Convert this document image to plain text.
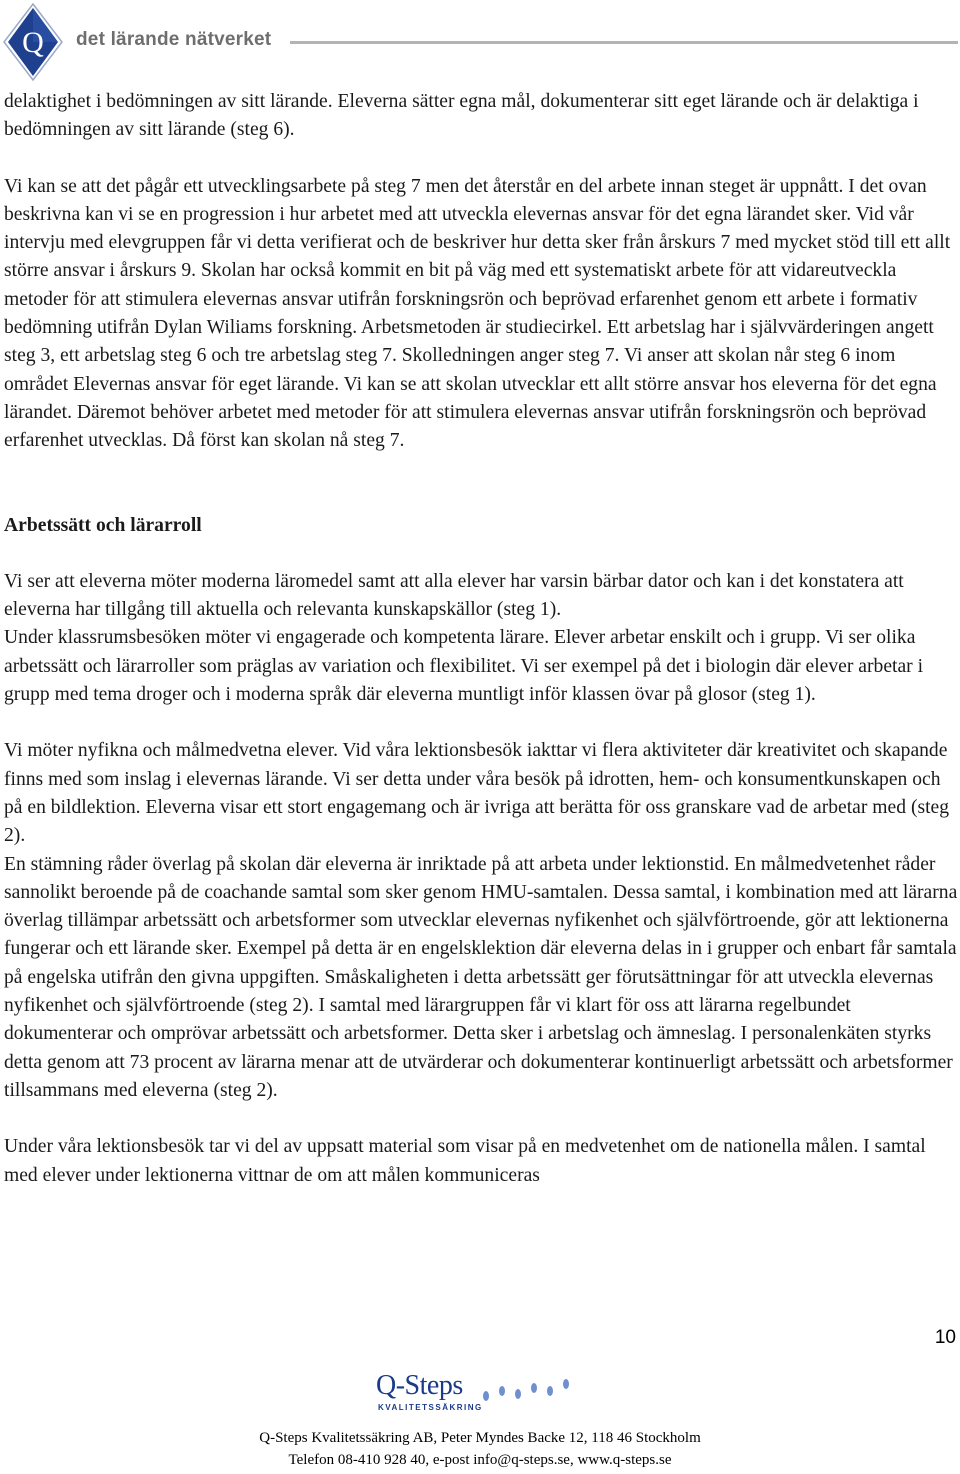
Q det lärande nätverket

delaktighet i bedömningen av sitt lärande. Eleverna sätter egna mål, dokumenterar sitt eget lärande och är delaktiga i bedömningen av sitt lärande (steg 6).

Vi kan se att det pågår ett utvecklingsarbete på steg 7 men det återstår en del arbete innan steget är uppnått. I det ovan beskrivna kan vi se en progression i hur arbetet med att utveckla elevernas ansvar för det egna lärandet sker. Vid vår intervju med elevgruppen får vi detta verifierat och de beskriver hur detta sker från årskurs 7 med mycket stöd till ett allt större ansvar i årskurs 9. Skolan har också kommit en bit på väg med ett systematiskt arbete för att vidareutveckla metoder för att stimulera elevernas ansvar utifrån forskningsrön och beprövad erfarenhet genom ett arbete i formativ bedömning utifrån Dylan Wiliams forskning. Arbetsmetoden är studiecirkel. Ett arbetslag har i självvärderingen angett steg 3, ett arbetslag steg 6 och tre arbetslag steg 7. Skolledningen anger steg 7. Vi anser att skolan når steg 6 inom området Elevernas ansvar för eget lärande. Vi kan se att skolan utvecklar ett allt större ansvar hos eleverna för det egna lärandet. Däremot behöver arbetet med metoder för att stimulera elevernas ansvar utifrån forskningsrön och beprövad erfarenhet utvecklas. Då först kan skolan nå steg 7.

Arbetssätt och lärarroll

Vi ser att eleverna möter moderna läromedel samt att alla elever har varsin bärbar dator och kan i det konstatera att eleverna har tillgång till aktuella och relevanta kunskapskällor (steg 1).

Under klassrumsbesöken möter vi engagerade och kompetenta lärare. Elever arbetar enskilt och i grupp. Vi ser olika arbetssätt och lärarroller som präglas av variation och flexibilitet. Vi ser exempel på det i biologin där elever arbetar i grupp med tema droger och i moderna språk där eleverna muntligt inför klassen övar på glosor (steg 1).

Vi möter nyfikna och målmedvetna elever. Vid våra lektionsbesök iakttar vi flera aktiviteter där kreativitet och skapande finns med som inslag i elevernas lärande. Vi ser detta under våra besök på idrotten, hem- och konsumentkunskapen och på en bildlektion. Eleverna visar ett stort engagemang och är ivriga att berätta för oss granskare vad de arbetar med (steg 2).

En stämning råder överlag på skolan där eleverna är inriktade på att arbeta under lektionstid. En målmedvetenhet råder sannolikt beroende på de coachande samtal som sker genom HMU-samtalen. Dessa samtal, i kombination med att lärarna överlag tillämpar arbetssätt och arbetsformer som utvecklar elevernas nyfikenhet och självförtroende, gör att lektionerna fungerar och ett lärande sker. Exempel på detta är en engelsklektion där eleverna delas in i grupper och enbart får samtala på engelska utifrån den givna uppgiften. Småskaligheten i detta arbetssätt ger förutsättningar för att utveckla elevernas nyfikenhet och självförtroende (steg 2). I samtal med lärargruppen får vi klart för oss att lärarna regelbundet dokumenterar och omprövar arbetssätt och arbetsformer. Detta sker i arbetslag och ämneslag. I personalenkäten styrks detta genom att 73 procent av lärarna menar att de utvärderar och dokumenterar kontinuerligt arbetssätt och arbetsformer tillsammans med eleverna (steg 2).

Under våra lektionsbesök tar vi del av uppsatt material som visar på en medvetenhet om de nationella målen. I samtal med elever under lektionerna vittnar de om att målen kommuniceras

10
Q-Steps
KVALITETSSÄKRING
Q-Steps Kvalitetssäkring AB, Peter Myndes Backe 12, 118 46 Stockholm
Telefon 08-410 928 40, e-post info@q-steps.se, www.q-steps.se
